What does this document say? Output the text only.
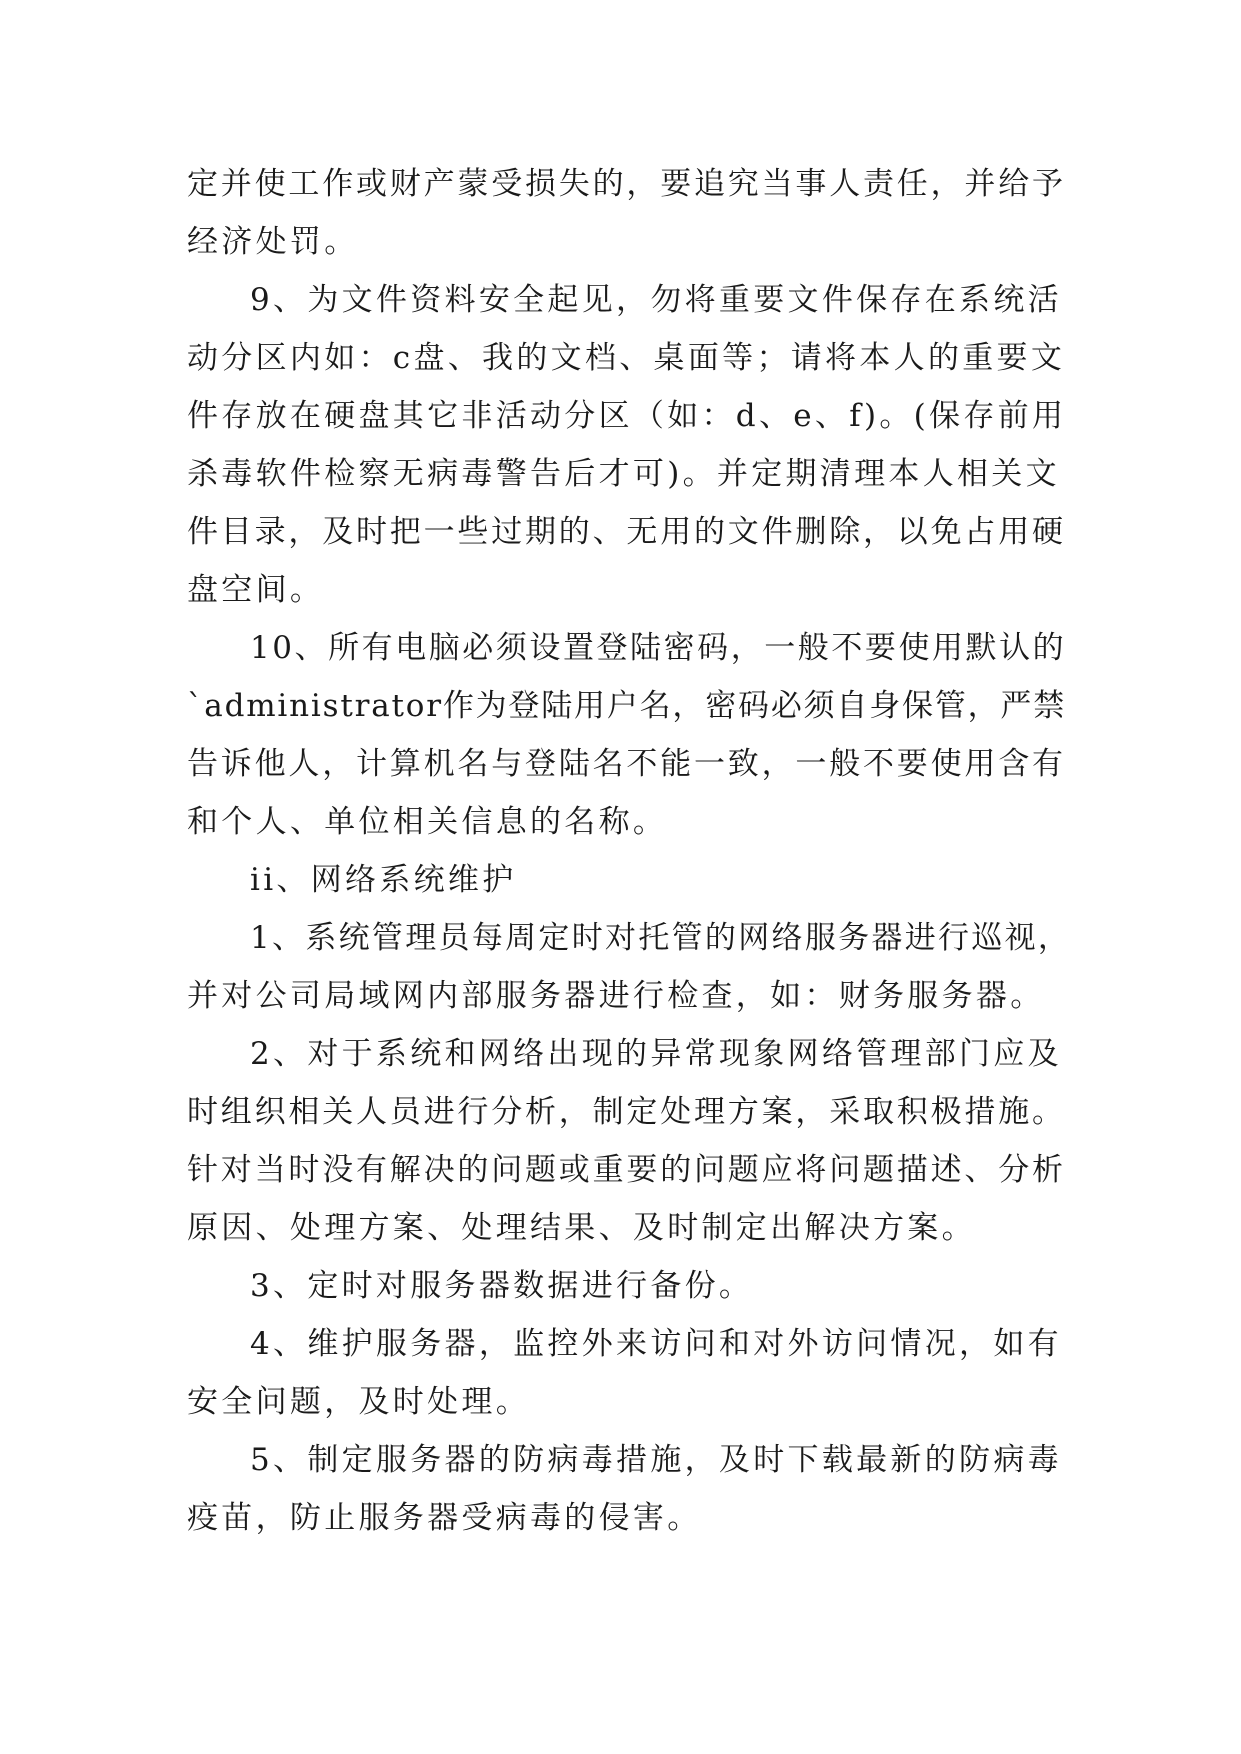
定并使工作或财产蒙受损失的，要追究当事人责任，并给予

经济处罚。

9、为文件资料安全起见，勿将重要文件保存在系统活

动分区内如：c盘、我的文档、桌面等；请将本人的重要文

件存放在硬盘其它非活动分区（如：d、e、f)。(保存前用

杀毒软件检察无病毒警告后才可)。并定期清理本人相关文

件目录，及时把一些过期的、无用的文件删除，以免占用硬

盘空间。

10、所有电脑必须设置登陆密码，一般不要使用默认的

`administrator作为登陆用户名，密码必须自身保管，严禁

告诉他人，计算机名与登陆名不能一致，一般不要使用含有

和个人、单位相关信息的名称。

ii、网络系统维护

1、系统管理员每周定时对托管的网络服务器进行巡视，

并对公司局域网内部服务器进行检查，如：财务服务器。

2、对于系统和网络出现的异常现象网络管理部门应及

时组织相关人员进行分析，制定处理方案，采取积极措施。

针对当时没有解决的问题或重要的问题应将问题描述、分析

原因、处理方案、处理结果、及时制定出解决方案。

3、定时对服务器数据进行备份。

4、维护服务器，监控外来访问和对外访问情况，如有

安全问题，及时处理。

5、制定服务器的防病毒措施，及时下载最新的防病毒

疫苗，防止服务器受病毒的侵害。
